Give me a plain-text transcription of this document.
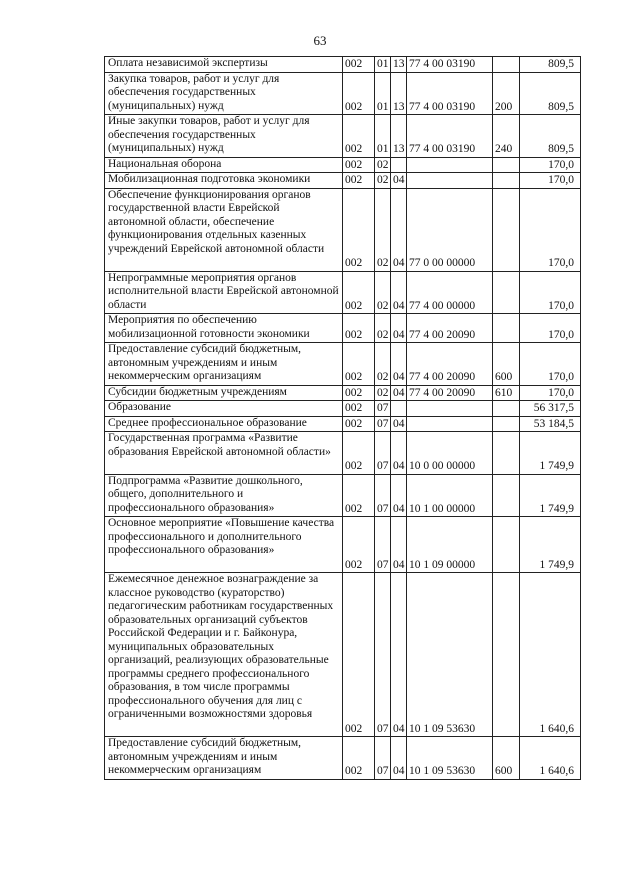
63
Оплата независимой экспертизы	002	01	13	77 4 00 03190		809,5
Закупка товаров, работ и услуг для обеспечения государственных (муниципальных) нужд	002	01	13	77 4 00 03190	200	809,5
Иные закупки товаров, работ и услуг для обеспечения государственных (муниципальных) нужд	002	01	13	77 4 00 03190	240	809,5
Национальная оборона	002	02				170,0
Мобилизационная подготовка экономики	002	02	04			170,0
Обеспечение функционирования органов государственной власти Еврейской автономной области, обеспечение функционирования отдельных казенных учреждений Еврейской автономной области	002	02	04	77 0 00 00000		170,0
Непрограммные мероприятия органов исполнительной власти Еврейской автономной области	002	02	04	77 4 00 00000		170,0
Мероприятия по обеспечению мобилизационной готовности экономики	002	02	04	77 4 00 20090		170,0
Предоставление субсидий бюджетным, автономным учреждениям и иным некоммерческим организациям	002	02	04	77 4 00 20090	600	170,0
Субсидии бюджетным учреждениям	002	02	04	77 4 00 20090	610	170,0
Образование	002	07				56 317,5
Среднее профессиональное образование	002	07	04			53 184,5
Государственная программа «Развитие образования Еврейской автономной области»	002	07	04	10 0 00 00000		1 749,9
Подпрограмма «Развитие дошкольного, общего, дополнительного и профессионального образования»	002	07	04	10 1 00 00000		1 749,9
Основное мероприятие «Повышение качества профессионального и дополнительного профессионального образования»	002	07	04	10 1 09 00000		1 749,9
Ежемесячное денежное вознаграждение за классное руководство (кураторство) педагогическим работникам государственных образовательных организаций субъектов Российской Федерации и г. Байконура, муниципальных образовательных организаций, реализующих образовательные программы среднего профессионального образования, в том числе программы профессионального обучения для лиц с ограниченными возможностями здоровья	002	07	04	10 1 09 53630		1 640,6
Предоставление субсидий бюджетным, автономным учреждениям и иным некоммерческим организациям	002	07	04	10 1 09 53630	600	1 640,6
